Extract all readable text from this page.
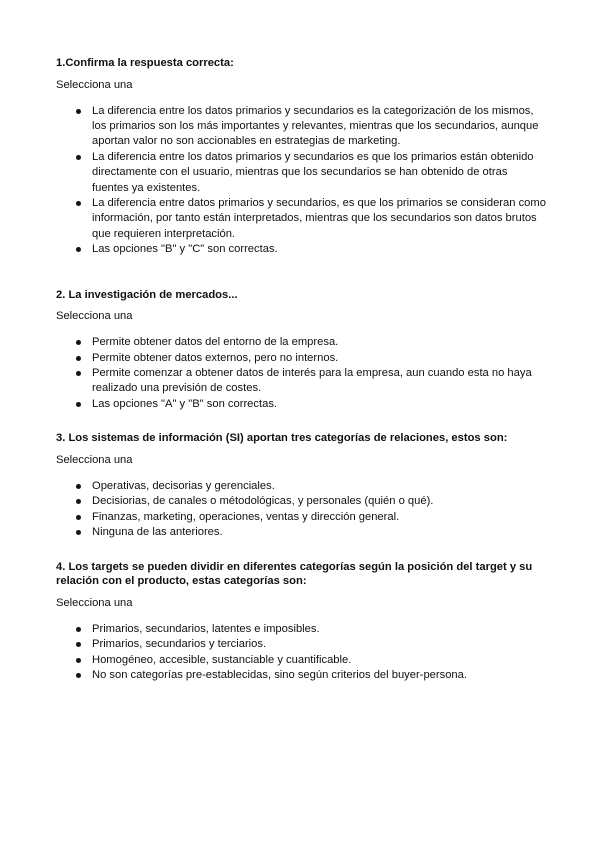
1.Confirma la respuesta correcta:
Selecciona una
La diferencia entre los datos primarios y secundarios es la categorización de los mismos, los primarios son los más importantes y relevantes, mientras que los secundarios, aunque aportan valor no son accionables en estrategias de marketing.
La diferencia entre los datos primarios y secundarios es que los primarios están obtenido directamente con el usuario, mientras que los secundarios se han obtenido de otras fuentes ya existentes.
La diferencia entre datos primarios y secundarios, es que los primarios se consideran como información, por tanto están interpretados, mientras que los secundarios son datos brutos que requieren interpretación.
Las opciones "B" y "C" son correctas.
2. La investigación de mercados...
Selecciona una
Permite obtener datos del entorno de la empresa.
Permite obtener datos externos, pero no internos.
Permite comenzar a obtener datos de interés para la empresa, aun cuando esta no haya realizado una previsión de costes.
Las opciones "A" y "B" son correctas.
3. Los sistemas de información (SI) aportan tres categorías de relaciones, estos son:
Selecciona una
Operativas, decisorias y gerenciales.
Decisiorias, de canales o métodológicas, y personales (quién o qué).
Finanzas, marketing, operaciones, ventas y dirección general.
Ninguna de las anteriores.
4. Los targets se pueden dividir en diferentes categorías según la posición del target y su relación con el producto, estas categorías son:
Selecciona una
Primarios, secundarios, latentes e imposibles.
Primarios, secundarios y terciarios.
Homogéneo, accesible, sustanciable y cuantificable.
No son categorías pre-establecidas, sino según criterios del buyer-persona.
